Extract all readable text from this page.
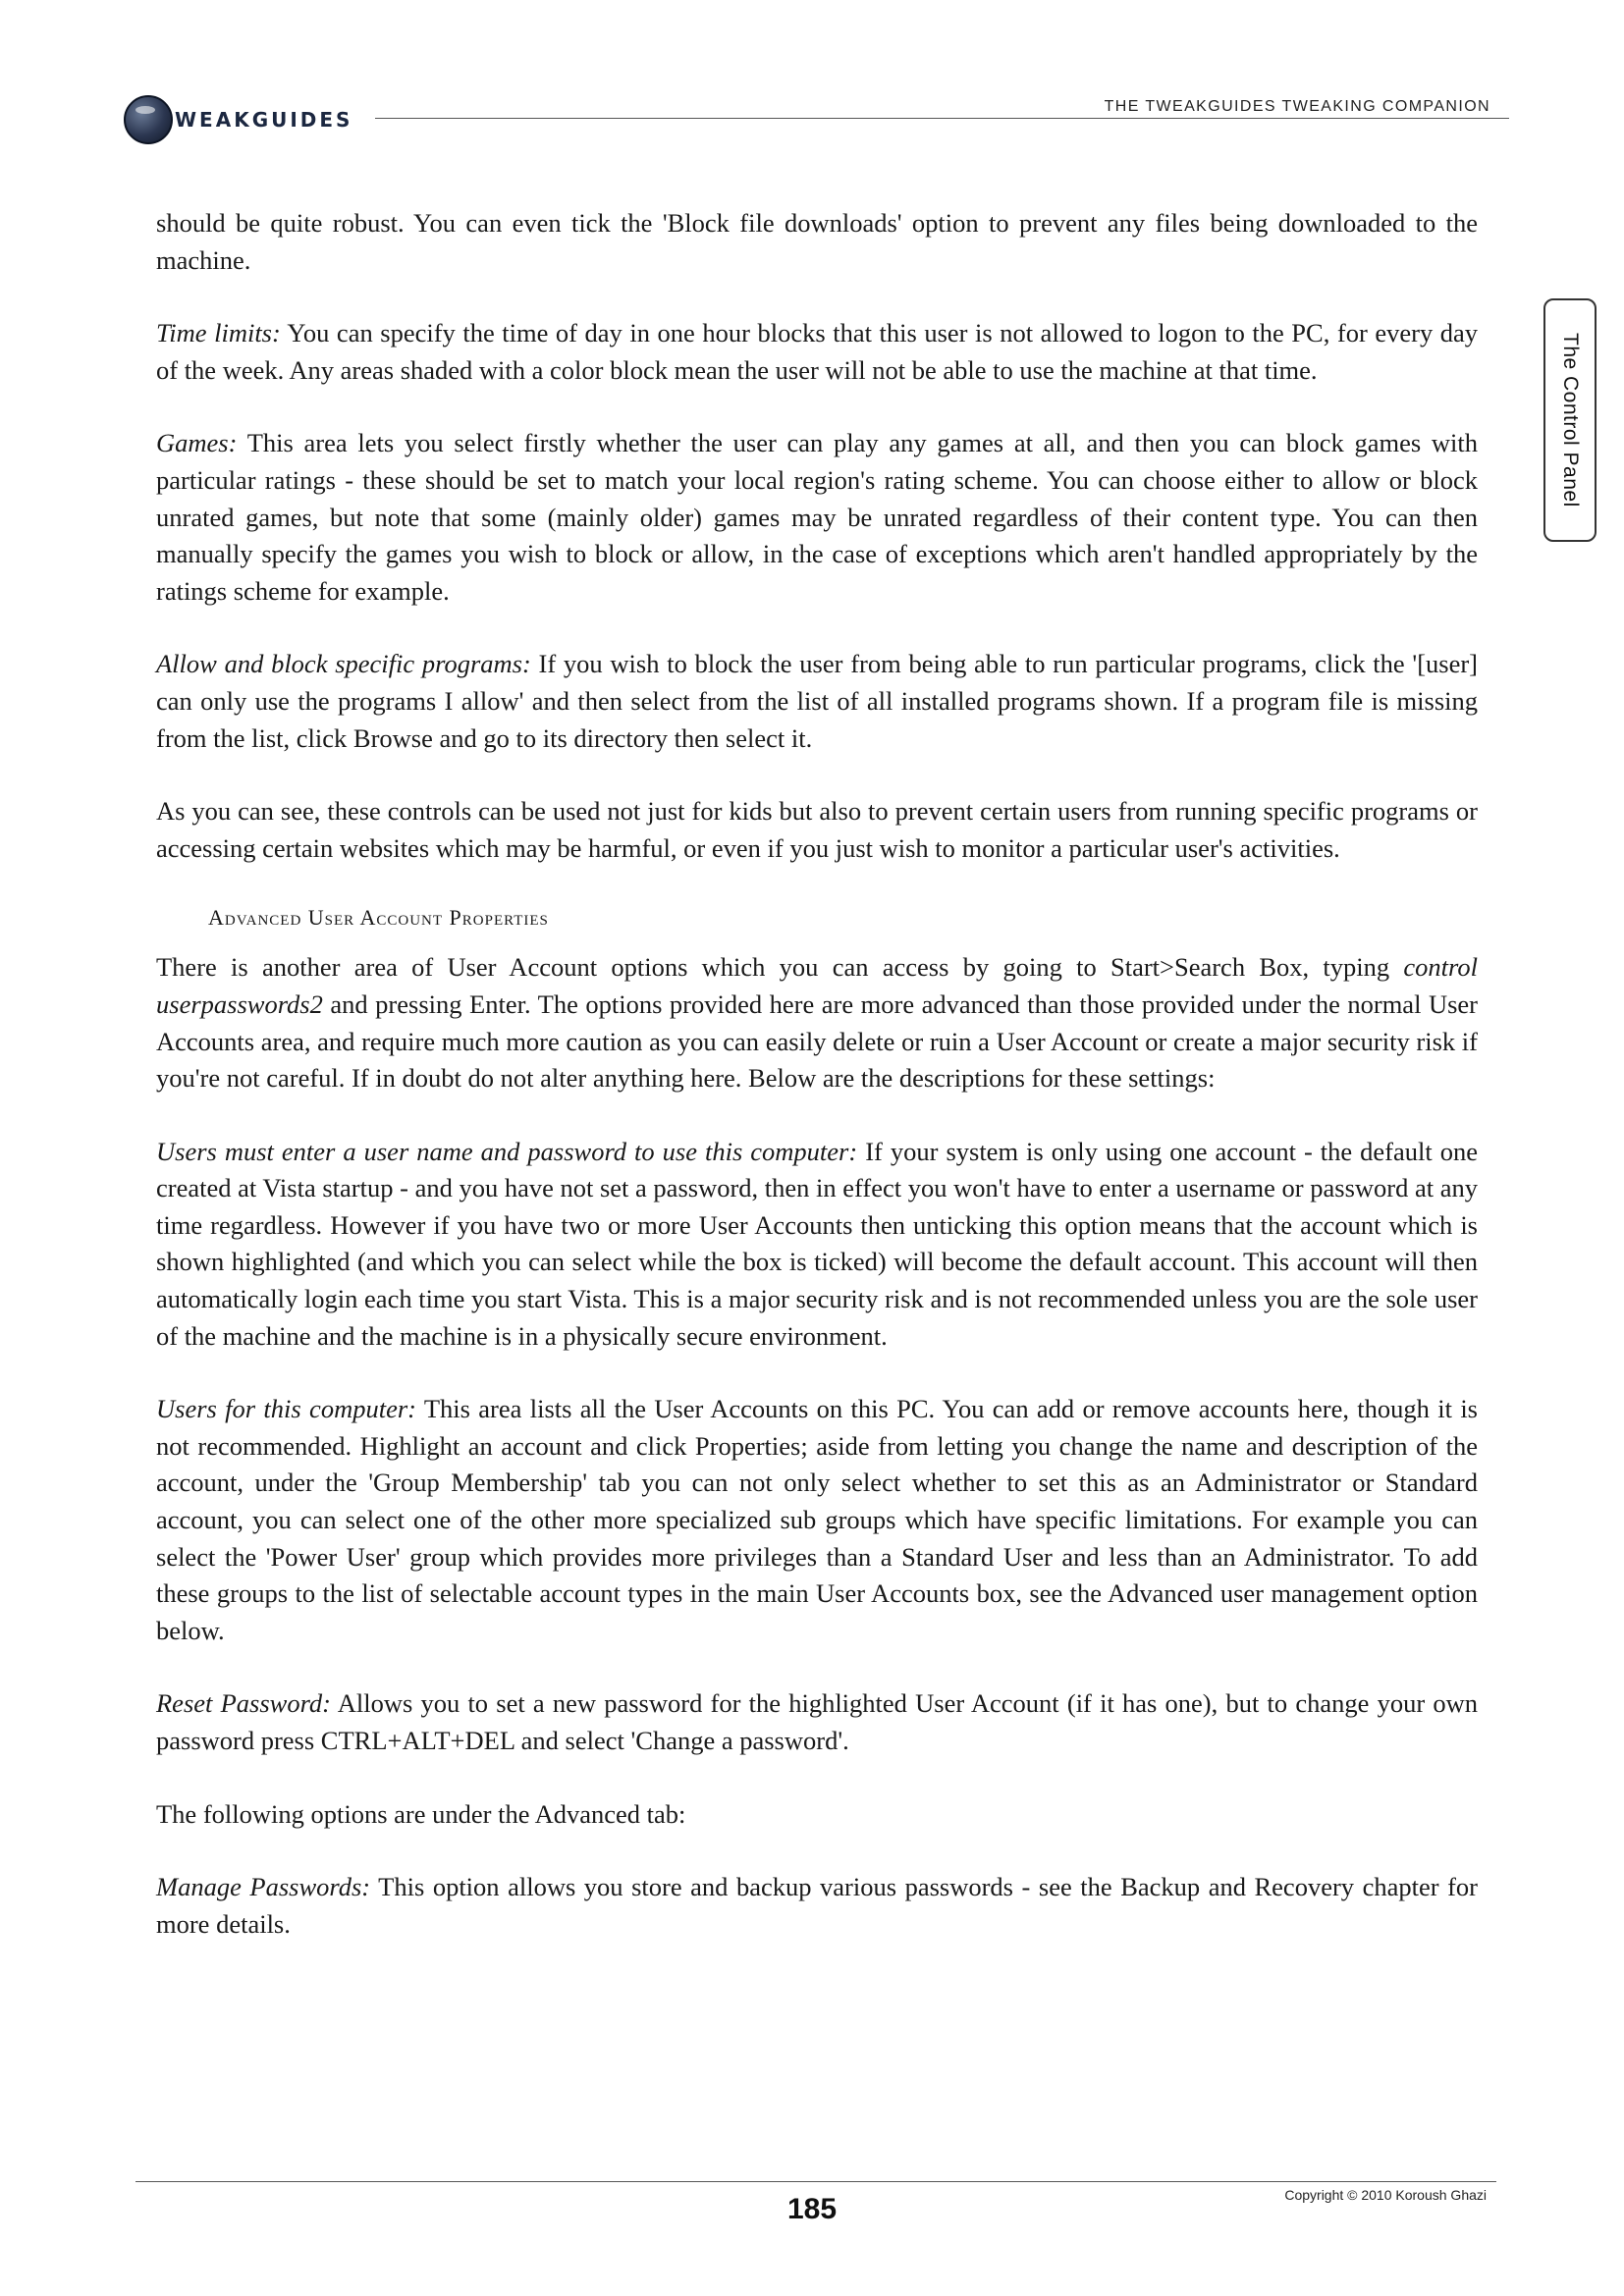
WEAKGUIDES
THE TWEAKGUIDES TWEAKING COMPANION
The Control Panel

should be quite robust. You can even tick the 'Block file downloads' option to prevent any files being downloaded to the machine.

Time limits: You can specify the time of day in one hour blocks that this user is not allowed to logon to the PC, for every day of the week. Any areas shaded with a color block mean the user will not be able to use the machine at that time.

Games: This area lets you select firstly whether the user can play any games at all, and then you can block games with particular ratings - these should be set to match your local region's rating scheme. You can choose either to allow or block unrated games, but note that some (mainly older) games may be unrated regardless of their content type. You can then manually specify the games you wish to block or allow, in the case of exceptions which aren't handled appropriately by the ratings scheme for example.

Allow and block specific programs: If you wish to block the user from being able to run particular programs, click the '[user] can only use the programs I allow' and then select from the list of all installed programs shown. If a program file is missing from the list, click Browse and go to its directory then select it.

As you can see, these controls can be used not just for kids but also to prevent certain users from running specific programs or accessing certain websites which may be harmful, or even if you just wish to monitor a particular user's activities.

Advanced User Account Properties

There is another area of User Account options which you can access by going to Start>Search Box, typing control userpasswords2 and pressing Enter. The options provided here are more advanced than those provided under the normal User Accounts area, and require much more caution as you can easily delete or ruin a User Account or create a major security risk if you're not careful. If in doubt do not alter anything here. Below are the descriptions for these settings:

Users must enter a user name and password to use this computer: If your system is only using one account - the default one created at Vista startup - and you have not set a password, then in effect you won't have to enter a username or password at any time regardless. However if you have two or more User Accounts then unticking this option means that the account which is shown highlighted (and which you can select while the box is ticked) will become the default account. This account will then automatically login each time you start Vista. This is a major security risk and is not recommended unless you are the sole user of the machine and the machine is in a physically secure environment.

Users for this computer: This area lists all the User Accounts on this PC. You can add or remove accounts here, though it is not recommended. Highlight an account and click Properties; aside from letting you change the name and description of the account, under the 'Group Membership' tab you can not only select whether to set this as an Administrator or Standard account, you can select one of the other more specialized sub groups which have specific limitations. For example you can select the 'Power User' group which provides more privileges than a Standard User and less than an Administrator. To add these groups to the list of selectable account types in the main User Accounts box, see the Advanced user management option below.

Reset Password: Allows you to set a new password for the highlighted User Account (if it has one), but to change your own password press CTRL+ALT+DEL and select 'Change a password'.

The following options are under the Advanced tab:

Manage Passwords: This option allows you store and backup various passwords - see the Backup and Recovery chapter for more details.

Copyright © 2010 Koroush Ghazi
185
